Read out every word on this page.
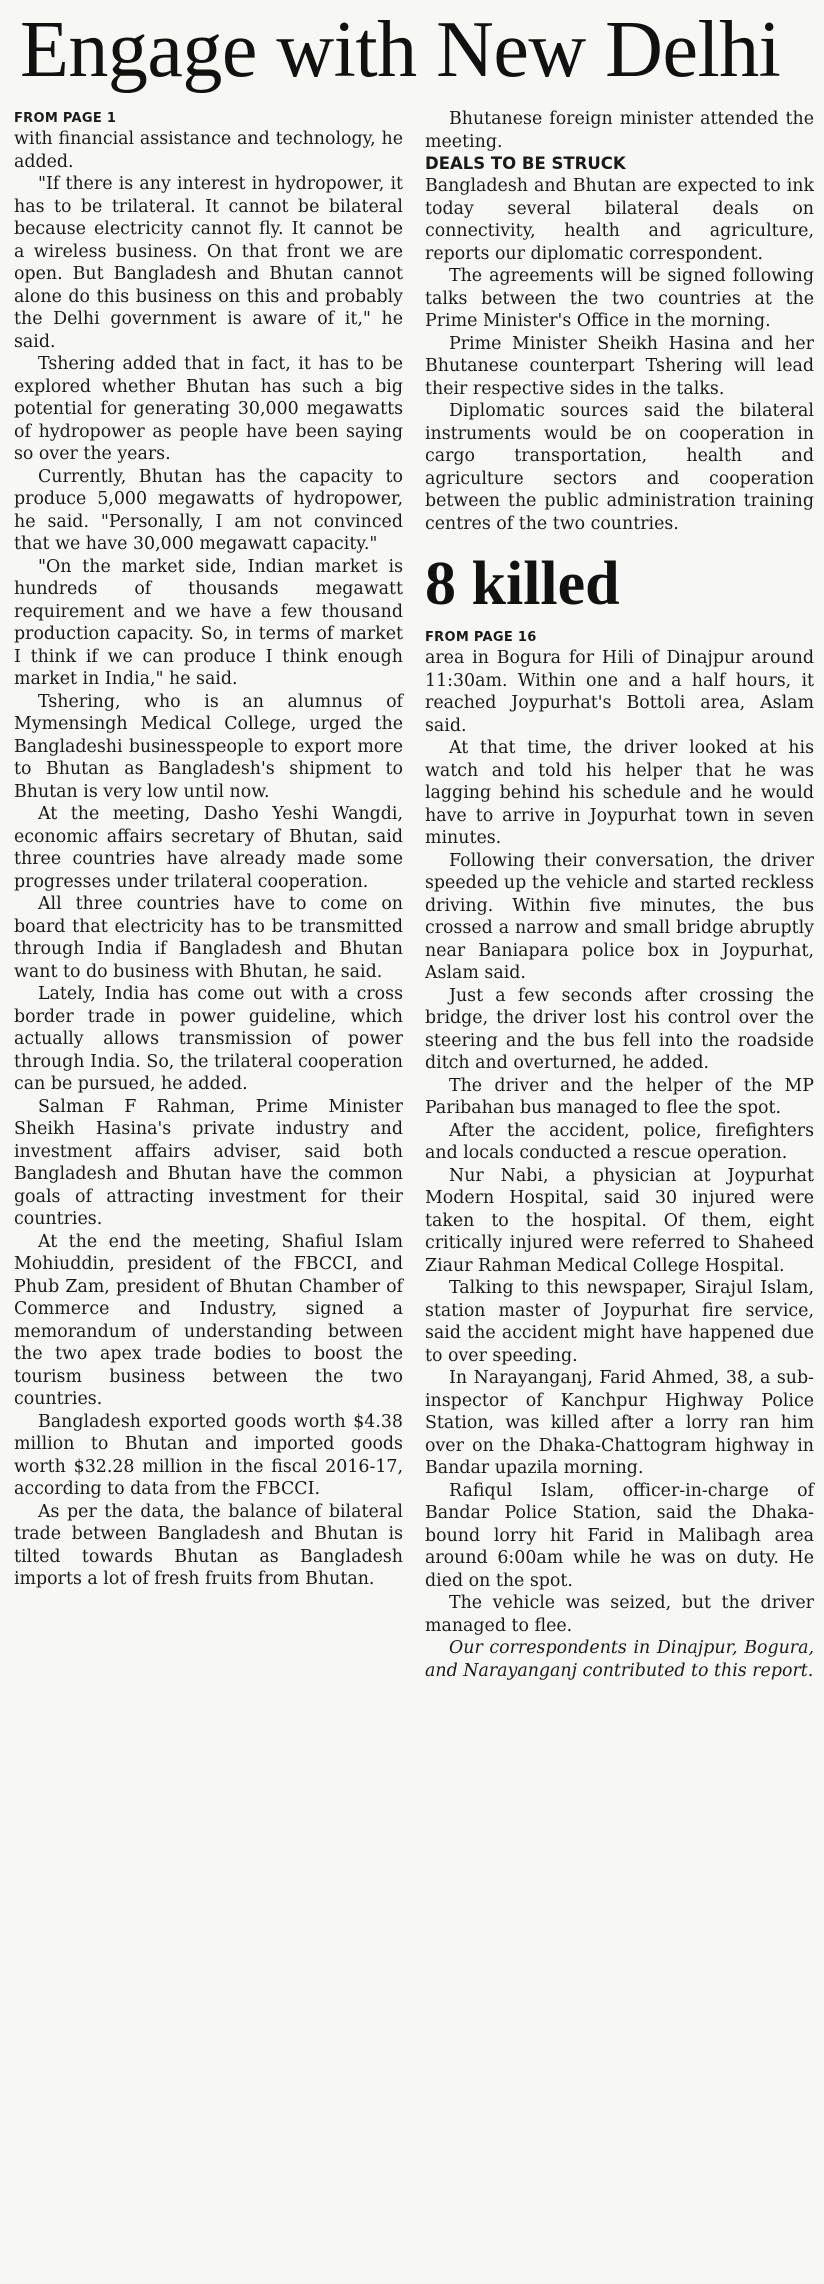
Engage with New Delhi
FROM PAGE 1

with financial assistance and technology, he added.

"If there is any interest in hydropower, it has to be trilateral. It cannot be bilateral because electricity cannot fly. It cannot be a wireless business. On that front we are open. But Bangladesh and Bhutan cannot alone do this business on this and probably the Delhi government is aware of it," he said.

Tshering added that in fact, it has to be explored whether Bhutan has such a big potential for generating 30,000 megawatts of hydropower as people have been saying so over the years.

Currently, Bhutan has the capacity to produce 5,000 megawatts of hydropower, he said. "Personally, I am not convinced that we have 30,000 megawatt capacity."

"On the market side, Indian market is hundreds of thousands megawatt requirement and we have a few thousand production capacity. So, in terms of market I think if we can produce I think enough market in India," he said.

Tshering, who is an alumnus of Mymensingh Medical College, urged the Bangladeshi businesspeople to export more to Bhutan as Bangladesh's shipment to Bhutan is very low until now.

At the meeting, Dasho Yeshi Wangdi, economic affairs secretary of Bhutan, said three countries have already made some progresses under trilateral cooperation.

All three countries have to come on board that electricity has to be transmitted through India if Bangladesh and Bhutan want to do business with Bhutan, he said.

Lately, India has come out with a cross border trade in power guideline, which actually allows transmission of power through India. So, the trilateral cooperation can be pursued, he added.

Salman F Rahman, Prime Minister Sheikh Hasina's private industry and investment affairs adviser, said both Bangladesh and Bhutan have the common goals of attracting investment for their countries.

At the end the meeting, Shafiul Islam Mohiuddin, president of the FBCCI, and Phub Zam, president of Bhutan Chamber of Commerce and Industry, signed a memorandum of understanding between the two apex trade bodies to boost the tourism business between the two countries.

Bangladesh exported goods worth $4.38 million to Bhutan and imported goods worth $32.28 million in the fiscal 2016-17, according to data from the FBCCI.

As per the data, the balance of bilateral trade between Bangladesh and Bhutan is tilted towards Bhutan as Bangladesh imports a lot of fresh fruits from Bhutan.

Bhutanese foreign minister attended the meeting.

DEALS TO BE STRUCK

Bangladesh and Bhutan are expected to ink today several bilateral deals on connectivity, health and agriculture, reports our diplomatic correspondent.

The agreements will be signed following talks between the two countries at the Prime Minister's Office in the morning.

Prime Minister Sheikh Hasina and her Bhutanese counterpart Tshering will lead their respective sides in the talks.

Diplomatic sources said the bilateral instruments would be on cooperation in cargo transportation, health and agriculture sectors and cooperation between the public administration training centres of the two countries.

8 killed
FROM PAGE 16

area in Bogura for Hili of Dinajpur around 11:30am. Within one and a half hours, it reached Joypurhat's Bottoli area, Aslam said.

At that time, the driver looked at his watch and told his helper that he was lagging behind his schedule and he would have to arrive in Joypurhat town in seven minutes.

Following their conversation, the driver speeded up the vehicle and started reckless driving. Within five minutes, the bus crossed a narrow and small bridge abruptly near Baniapara police box in Joypurhat, Aslam said.

Just a few seconds after crossing the bridge, the driver lost his control over the steering and the bus fell into the roadside ditch and overturned, he added.

The driver and the helper of the MP Paribahan bus managed to flee the spot.

After the accident, police, firefighters and locals conducted a rescue operation.

Nur Nabi, a physician at Joypurhat Modern Hospital, said 30 injured were taken to the hospital. Of them, eight critically injured were referred to Shaheed Ziaur Rahman Medical College Hospital.

Talking to this newspaper, Sirajul Islam, station master of Joypurhat fire service, said the accident might have happened due to over speeding.

In Narayanganj, Farid Ahmed, 38, a sub-inspector of Kanchpur Highway Police Station, was killed after a lorry ran him over on the Dhaka-Chattogram highway in Bandar upazila morning.

Rafiqul Islam, officer-in-charge of Bandar Police Station, said the Dhaka-bound lorry hit Farid in Malibagh area around 6:00am while he was on duty. He died on the spot.

The vehicle was seized, but the driver managed to flee.

Our correspondents in Dinajpur, Bogura, and Narayanganj contributed to this report.
